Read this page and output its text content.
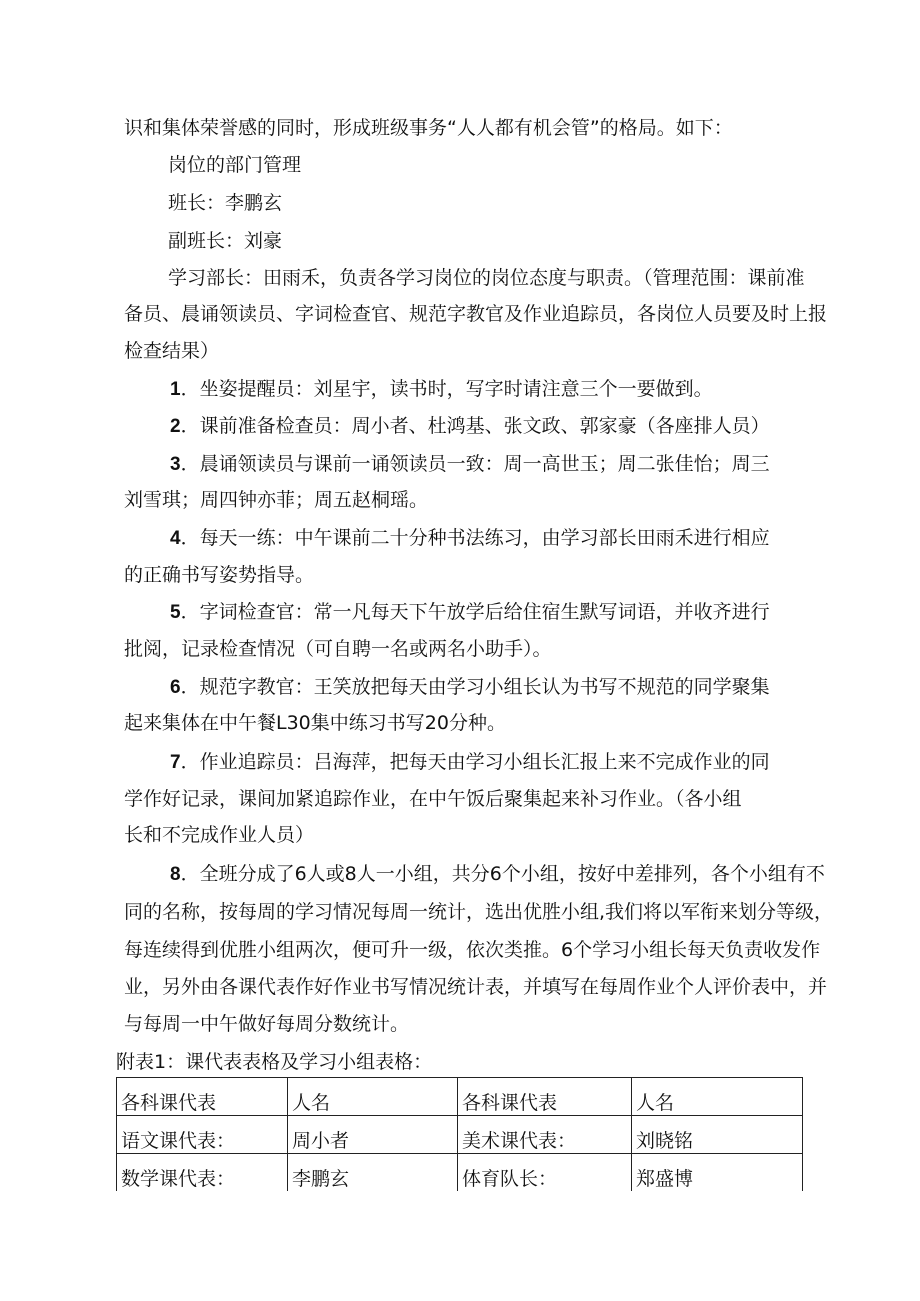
识和集体荣誉感的同时，形成班级事务“人人都有机会管”的格局。如下：
岗位的部门管理
班长：李鹏玄
副班长：刘豪
学习部长：田雨禾，负责各学习岗位的岗位态度与职责。（管理范围：课前准
备员、晨诵领读员、字词检查官、规范字教官及作业追踪员，各岗位人员要及时上报
检查结果）
1．坐姿提醒员：刘星宇，读书时，写字时请注意三个一要做到。
2．课前准备检查员：周小者、杜鸿基、张文政、郭家豪（各座排人员）
3．晨诵领读员与课前一诵领读员一致：周一高世玉；周二张佳怡；周三
刘雪琪；周四钟亦菲；周五赵桐瑶。
4．每天一练：中午课前二十分种书法练习，由学习部长田雨禾进行相应
的正确书写姿势指导。
5．字词检查官：常一凡每天下午放学后给住宿生默写词语，并收齐进行
批阅，记录检查情况（可自聘一名或两名小助手）。
6．规范字教官：王笑放把每天由学习小组长认为书写不规范的同学聚集
起来集体在中午餐L30集中练习书写20分种。
7．作业追踪员：吕海萍，把每天由学习小组长汇报上来不完成作业的同
学作好记录，课间加紧追踪作业，在中午饭后聚集起来补习作业。（各小组
长和不完成作业人员）
8．全班分成了6人或8人一小组，共分6个小组，按好中差排列，各个小组有不
同的名称，按每周的学习情况每周一统计，选出优胜小组,我们将以军衔来划分等级，
每连续得到优胜小组两次，便可升一级，依次类推。6个学习小组长每天负责收发作
业，另外由各课代表作好作业书写情况统计表，并填写在每周作业个人评价表中，并
与每周一中午做好每周分数统计。
附表1：课代表表格及学习小组表格：
各科课代表	人名	各科课代表	人名
语文课代表：	周小者	美术课代表：	刘晓铭
数学课代表：	李鹏玄	体育队长：	郑盛博
